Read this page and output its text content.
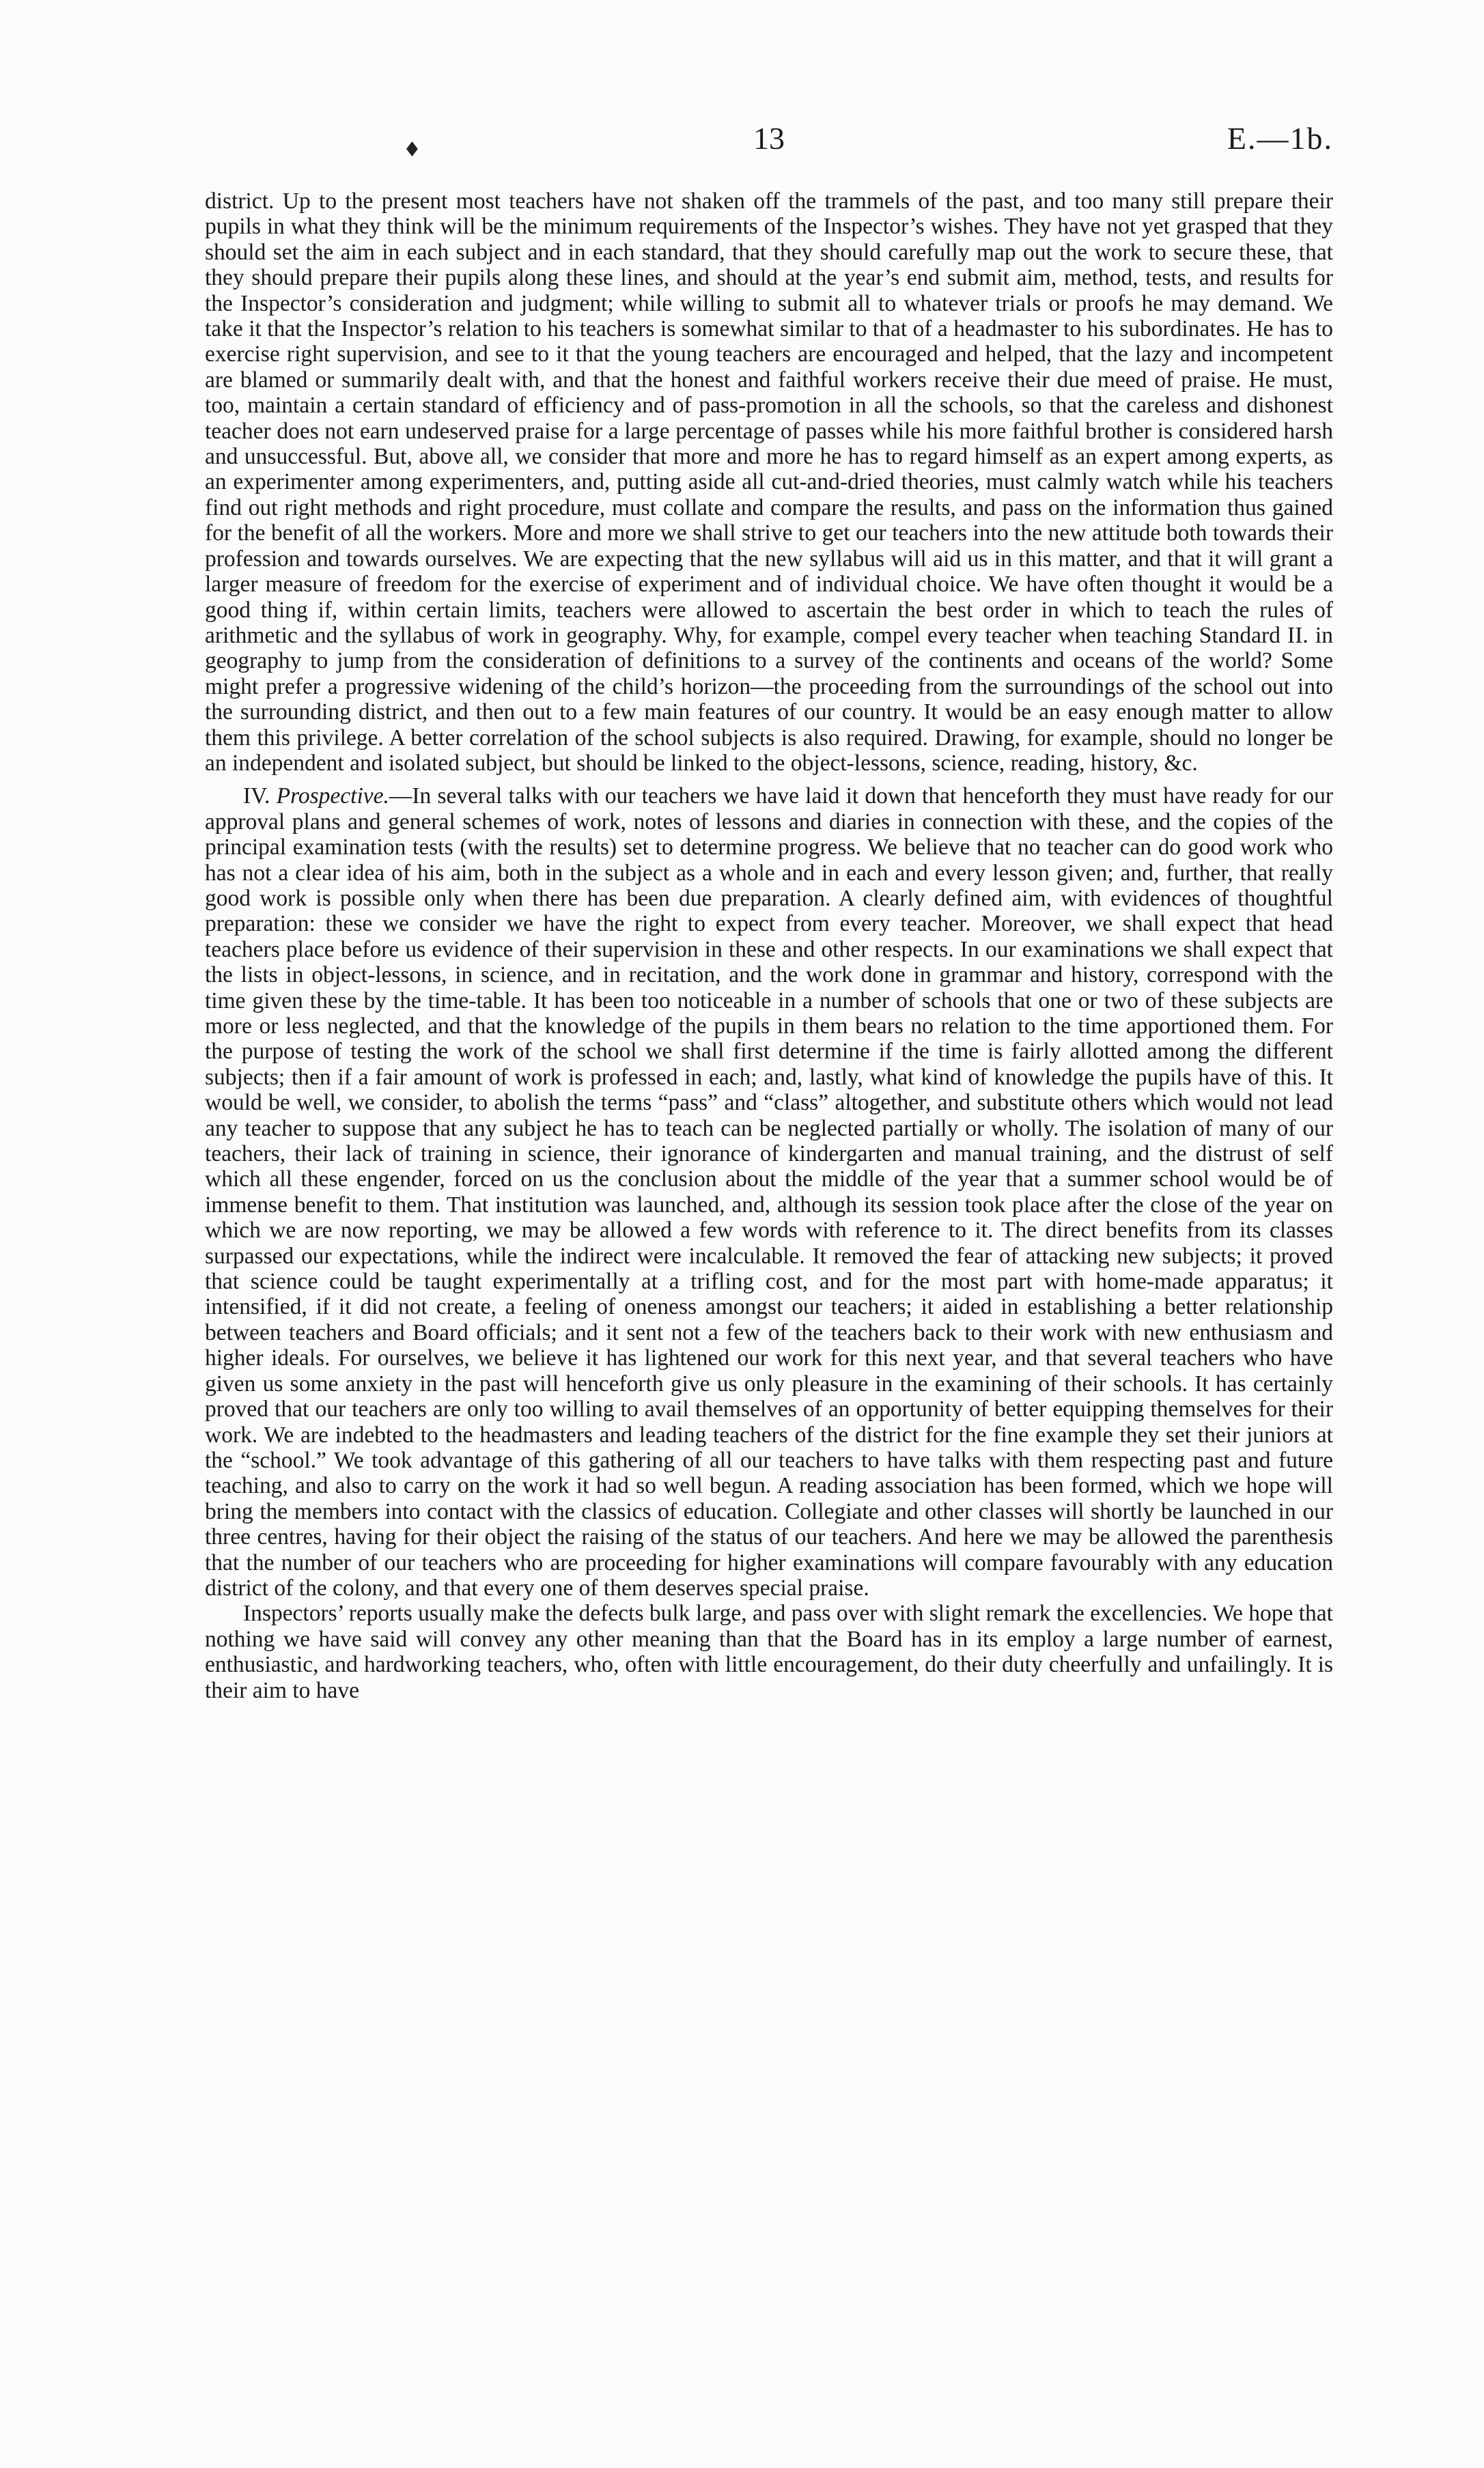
♦	13	E.—1b.

district. Up to the present most teachers have not shaken off the trammels of the past, and too many still prepare their pupils in what they think will be the minimum requirements of the Inspector’s wishes. They have not yet grasped that they should set the aim in each subject and in each standard, that they should carefully map out the work to secure these, that they should prepare their pupils along these lines, and should at the year’s end submit aim, method, tests, and results for the Inspector’s consideration and judgment; while willing to submit all to whatever trials or proofs he may demand. We take it that the Inspector’s relation to his teachers is somewhat similar to that of a headmaster to his subordinates. He has to exercise right supervision, and see to it that the young teachers are encouraged and helped, that the lazy and incompetent are blamed or summarily dealt with, and that the honest and faithful workers receive their due meed of praise. He must, too, maintain a certain standard of efficiency and of pass-promotion in all the schools, so that the careless and dishonest teacher does not earn undeserved praise for a large percentage of passes while his more faithful brother is considered harsh and unsuccessful. But, above all, we consider that more and more he has to regard himself as an expert among experts, as an experimenter among experimenters, and, putting aside all cut-and-dried theories, must calmly watch while his teachers find out right methods and right procedure, must collate and compare the results, and pass on the information thus gained for the benefit of all the workers. More and more we shall strive to get our teachers into the new attitude both towards their profession and towards ourselves. We are expecting that the new syllabus will aid us in this matter, and that it will grant a larger measure of freedom for the exercise of experiment and of individual choice. We have often thought it would be a good thing if, within certain limits, teachers were allowed to ascertain the best order in which to teach the rules of arithmetic and the syllabus of work in geography. Why, for example, compel every teacher when teaching Standard II. in geography to jump from the consideration of definitions to a survey of the continents and oceans of the world? Some might prefer a progressive widening of the child’s horizon—the proceeding from the surroundings of the school out into the surrounding district, and then out to a few main features of our country. It would be an easy enough matter to allow them this privilege. A better correlation of the school subjects is also required. Drawing, for example, should no longer be an independent and isolated subject, but should be linked to the object-lessons, science, reading, history, &c.

IV. Prospective.—In several talks with our teachers we have laid it down that henceforth they must have ready for our approval plans and general schemes of work, notes of lessons and diaries in connection with these, and the copies of the principal examination tests (with the results) set to determine progress. We believe that no teacher can do good work who has not a clear idea of his aim, both in the subject as a whole and in each and every lesson given; and, further, that really good work is possible only when there has been due preparation. A clearly defined aim, with evidences of thoughtful preparation: these we consider we have the right to expect from every teacher. Moreover, we shall expect that head teachers place before us evidence of their supervision in these and other respects. In our examinations we shall expect that the lists in object-lessons, in science, and in recitation, and the work done in grammar and history, correspond with the time given these by the time-table. It has been too noticeable in a number of schools that one or two of these subjects are more or less neglected, and that the knowledge of the pupils in them bears no relation to the time apportioned them. For the purpose of testing the work of the school we shall first determine if the time is fairly allotted among the different subjects; then if a fair amount of work is professed in each; and, lastly, what kind of knowledge the pupils have of this. It would be well, we consider, to abolish the terms “pass” and “class” altogether, and substitute others which would not lead any teacher to suppose that any subject he has to teach can be neglected partially or wholly. The isolation of many of our teachers, their lack of training in science, their ignorance of kindergarten and manual training, and the distrust of self which all these engender, forced on us the conclusion about the middle of the year that a summer school would be of immense benefit to them. That institution was launched, and, although its session took place after the close of the year on which we are now reporting, we may be allowed a few words with reference to it. The direct benefits from its classes surpassed our expectations, while the indirect were incalculable. It removed the fear of attacking new subjects; it proved that science could be taught experimentally at a trifling cost, and for the most part with home-made apparatus; it intensified, if it did not create, a feeling of oneness amongst our teachers; it aided in establishing a better relationship between teachers and Board officials; and it sent not a few of the teachers back to their work with new enthusiasm and higher ideals. For ourselves, we believe it has lightened our work for this next year, and that several teachers who have given us some anxiety in the past will henceforth give us only pleasure in the examining of their schools. It has certainly proved that our teachers are only too willing to avail themselves of an opportunity of better equipping themselves for their work. We are indebted to the headmasters and leading teachers of the district for the fine example they set their juniors at the “school.” We took advantage of this gathering of all our teachers to have talks with them respecting past and future teaching, and also to carry on the work it had so well begun. A reading association has been formed, which we hope will bring the members into contact with the classics of education. Collegiate and other classes will shortly be launched in our three centres, having for their object the raising of the status of our teachers. And here we may be allowed the parenthesis that the number of our teachers who are proceeding for higher examinations will compare favourably with any education district of the colony, and that every one of them deserves special praise.

Inspectors’ reports usually make the defects bulk large, and pass over with slight remark the excellencies. We hope that nothing we have said will convey any other meaning than that the Board has in its employ a large number of earnest, enthusiastic, and hardworking teachers, who, often with little encouragement, do their duty cheerfully and unfailingly. It is their aim to have
